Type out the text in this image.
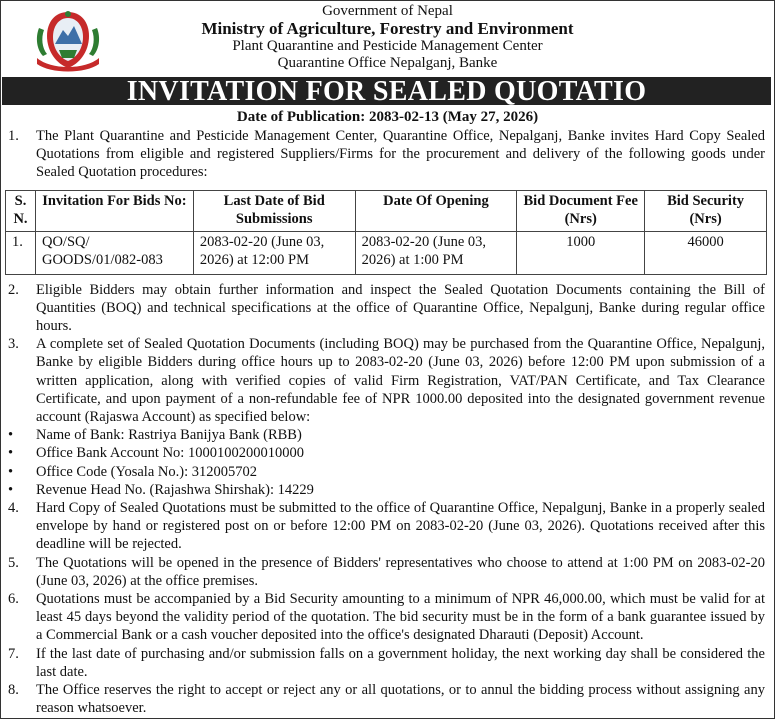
Government of Nepal
Ministry of Agriculture, Forestry and Environment
Plant Quarantine and Pesticide Management Center
Quarantine Office Nepalganj, Banke
INVITATION FOR SEALED QUOTATIO
Date of Publication: 2083-02-13 (May 27, 2026)
1. The Plant Quarantine and Pesticide Management Center, Quarantine Office, Nepalganj, Banke invites Hard Copy Sealed Quotations from eligible and registered Suppliers/Firms for the procurement and delivery of the following goods under Sealed Quotation procedures:
S. N.	Invitation For Bids No:	Last Date of Bid Submissions	Date Of Opening	Bid Document Fee (Nrs)	Bid Security (Nrs)
1.	QO/SQ/ GOODS/01/082-083	2083-02-20 (June 03, 2026) at 12:00 PM	2083-02-20 (June 03, 2026) at 1:00 PM	1000	46000
2. Eligible Bidders may obtain further information and inspect the Sealed Quotation Documents containing the Bill of Quantities (BOQ) and technical specifications at the office of Quarantine Office, Nepalgunj, Banke during regular office hours.
3. A complete set of Sealed Quotation Documents (including BOQ) may be purchased from the Quarantine Office, Nepalgunj, Banke by eligible Bidders during office hours up to 2083-02-20 (June 03, 2026) before 12:00 PM upon submission of a written application, along with verified copies of valid Firm Registration, VAT/PAN Certificate, and Tax Clearance Certificate, and upon payment of a non-refundable fee of NPR 1000.00 deposited into the designated government revenue account (Rajaswa Account) as specified below:
• Name of Bank: Rastriya Banijya Bank (RBB)
• Office Bank Account No: 1000100200010000
• Office Code (Yosala No.): 312005702
• Revenue Head No. (Rajashwa Shirshak): 14229
4. Hard Copy of Sealed Quotations must be submitted to the office of Quarantine Office, Nepalgunj, Banke in a properly sealed envelope by hand or registered post on or before 12:00 PM on 2083-02-20 (June 03, 2026). Quotations received after this deadline will be rejected.
5. The Quotations will be opened in the presence of Bidders' representatives who choose to attend at 1:00 PM on 2083-02-20 (June 03, 2026) at the office premises.
6. Quotations must be accompanied by a Bid Security amounting to a minimum of NPR 46,000.00, which must be valid for at least 45 days beyond the validity period of the quotation. The bid security must be in the form of a bank guarantee issued by a Commercial Bank or a cash voucher deposited into the office's designated Dharauti (Deposit) Account.
7. If the last date of purchasing and/or submission falls on a government holiday, the next working day shall be considered the last date.
8. The Office reserves the right to accept or reject any or all quotations, or to annul the bidding process without assigning any reason whatsoever.
